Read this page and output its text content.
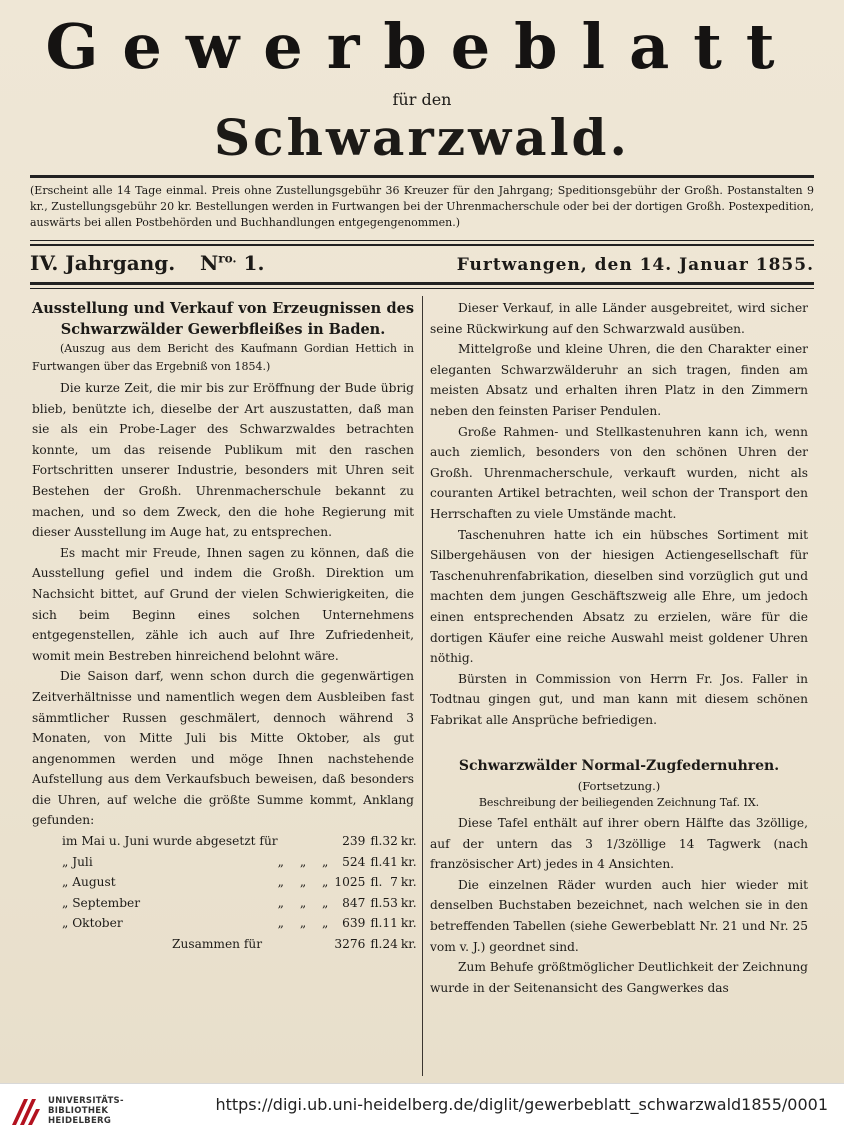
Gewerbeblatt
für den
Schwarzwald.
(Erscheint alle 14 Tage einmal. Preis ohne Zustellungsgebühr 36 Kreuzer für den Jahrgang; Speditionsgebühr der Großh. Postanstalten 9 kr., Zustellungsgebühr 20 kr. Bestellungen werden in Furtwangen bei der Uhrenmacherschule oder bei der dortigen Großh. Postexpedition, auswärts bei allen Postbehörden und Buchhandlungen entgegengenommen.)
IV. Jahrgang.	$N^{ro.}$ 1.	Furtwangen, den 14. Januar 1855.
Ausstellung und Verkauf von Erzeugnissen des Schwarzwälder Gewerbfleißes in Baden.

(Auszug aus dem Bericht des Kaufmann Gordian Hettich in Furtwangen über das Ergebniß von 1854.)

Die kurze Zeit, die mir bis zur Eröffnung der Bude übrig blieb, benützte ich, dieselbe der Art auszustatten, daß man sie als ein Probe-Lager des Schwarzwaldes betrachten konnte, um das reisende Publikum mit den raschen Fortschritten unserer Industrie, besonders mit Uhren seit Bestehen der Großh. Uhrenmacherschule bekannt zu machen, und so dem Zweck, den die hohe Regierung mit dieser Ausstellung im Auge hat, zu entsprechen.

Es macht mir Freude, Ihnen sagen zu können, daß die Ausstellung gefiel und indem die Großh. Direktion um Nachsicht bittet, auf Grund der vielen Schwierigkeiten, die sich beim Beginn eines solchen Unternehmens entgegenstellen, zähle ich auch auf Ihre Zufriedenheit, womit mein Bestreben hinreichend belohnt wäre.

Die Saison darf, wenn schon durch die gegenwärtigen Zeitverhältnisse und namentlich wegen dem Ausbleiben fast sämmtlicher Russen geschmälert, dennoch während 3 Monaten, von Mitte Juli bis Mitte Oktober, als gut angenommen werden und möge Ihnen nachstehende Aufstellung aus dem Verkaufsbuch beweisen, daß besonders die Uhren, auf welche die größte Summe kommt, Anklang gefunden:

im Mai u. Juni wurde abgesetzt für		239	fl.	32	kr.
„ Juli	„ „ „	524	fl.	41	kr.
„ August	„ „ „	1025	fl.	7	kr.
„ September	„ „ „	847	fl.	53	kr.
„ Oktober	„ „ „	639	fl.	11	kr.
Zusammen für		3276	fl.	24	kr.

Dieser Verkauf, in alle Länder ausgebreitet, wird sicher seine Rückwirkung auf den Schwarzwald ausüben.

Mittelgroße und kleine Uhren, die den Charakter einer eleganten Schwarzwälderuhr an sich tragen, finden am meisten Absatz und erhalten ihren Platz in den Zimmern neben den feinsten Pariser Pendulen.

Große Rahmen- und Stellkastenuhren kann ich, wenn auch ziemlich, besonders von den schönen Uhren der Großh. Uhrenmacherschule, verkauft wurden, nicht als couranten Artikel betrachten, weil schon der Transport den Herrschaften zu viele Umstände macht.

Taschenuhren hatte ich ein hübsches Sortiment mit Silbergehäusen von der hiesigen Actiengesellschaft für Taschenuhrenfabrikation, dieselben sind vorzüglich gut und machten dem jungen Geschäftszweig alle Ehre, um jedoch einen entsprechenden Absatz zu erzielen, wäre für die dortigen Käufer eine reiche Auswahl meist goldener Uhren nöthig.

Bürsten in Commission von Herrn Fr. Jos. Faller in Todtnau gingen gut, und man kann mit diesem schönen Fabrikat alle Ansprüche befriedigen.

Schwarzwälder Normal-Zugfedernuhren.
(Fortsetzung.)
Beschreibung der beiliegenden Zeichnung Taf. IX.

Diese Tafel enthält auf ihrer obern Hälfte das 3zöllige, auf der untern das 3 1/3zöllige 14 Tagwerk (nach französischer Art) jedes in 4 Ansichten.

Die einzelnen Räder wurden auch hier wieder mit denselben Buchstaben bezeichnet, nach welchen sie in den betreffenden Tabellen (siehe Gewerbeblatt Nr. 21 und Nr. 25 vom v. J.) geordnet sind.

Zum Behufe größtmöglicher Deutlichkeit der Zeichnung wurde in der Seitenansicht des Gangwerkes das

UNIVERSITÄTS-
BIBLIOTHEK
HEIDELBERG
https://digi.ub.uni-heidelberg.de/diglit/gewerbeblatt_schwarzwald1855/0001
